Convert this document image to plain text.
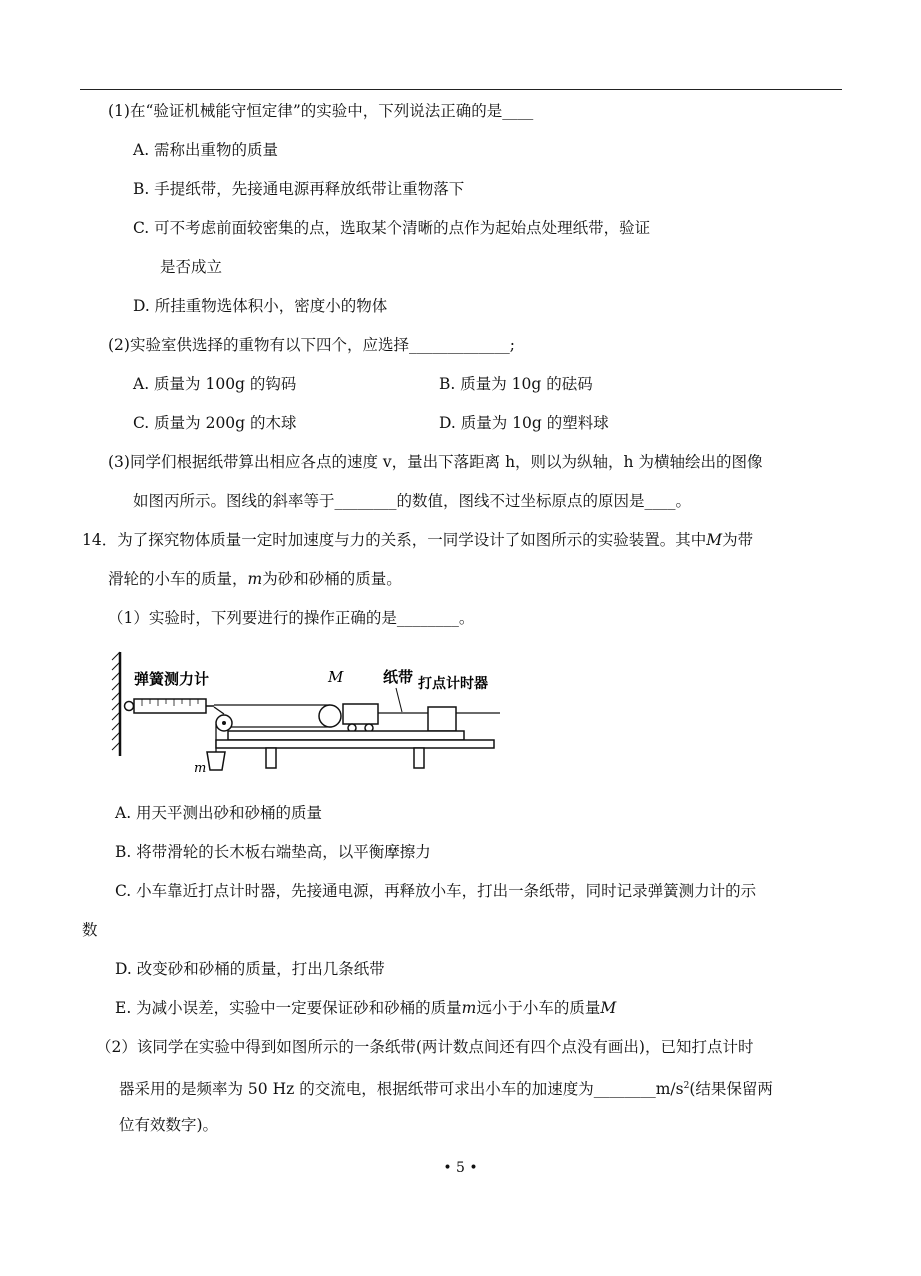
(1)在“验证机械能守恒定律”的实验中，下列说法正确的是____
A. 需称出重物的质量
B. 手提纸带，先接通电源再释放纸带让重物落下
C. 可不考虑前面较密集的点，选取某个清晰的点作为起始点处理纸带，验证
是否成立
D. 所挂重物选体积小，密度小的物体
(2)实验室供选择的重物有以下四个，应选择_____________;
A. 质量为 100g 的钩码	B. 质量为 10g 的砝码
C. 质量为 200g 的木球	D. 质量为 10g 的塑料球
(3)同学们根据纸带算出相应各点的速度 v，量出下落距离 h，则以为纵轴，h 为横轴绘出的图像
如图丙所示。图线的斜率等于________的数值，图线不过坐标原点的原因是____。
14．为了探究物体质量一定时加速度与力的关系，一同学设计了如图所示的实验装置。其中M为带
滑轮的小车的质量，m为砂和砂桶的质量。
（1）实验时，下列要进行的操作正确的是________。
弹簧测力计
m
M	纸带 打点计时器
A. 用天平测出砂和砂桶的质量
B. 将带滑轮的长木板右端垫高，以平衡摩擦力
C. 小车靠近打点计时器，先接通电源，再释放小车，打出一条纸带，同时记录弹簧测力计的示
数
D. 改变砂和砂桶的质量，打出几条纸带
E. 为减小误差，实验中一定要保证砂和砂桶的质量m远小于小车的质量M
（2）该同学在实验中得到如图所示的一条纸带(两计数点间还有四个点没有画出)，已知打点计时
器采用的是频率为 50 Hz 的交流电，根据纸带可求出小车的加速度为$\_\_\_\_\_\_\_\_m/s^2$(结果保留两
位有效数字)。
• 5 •
